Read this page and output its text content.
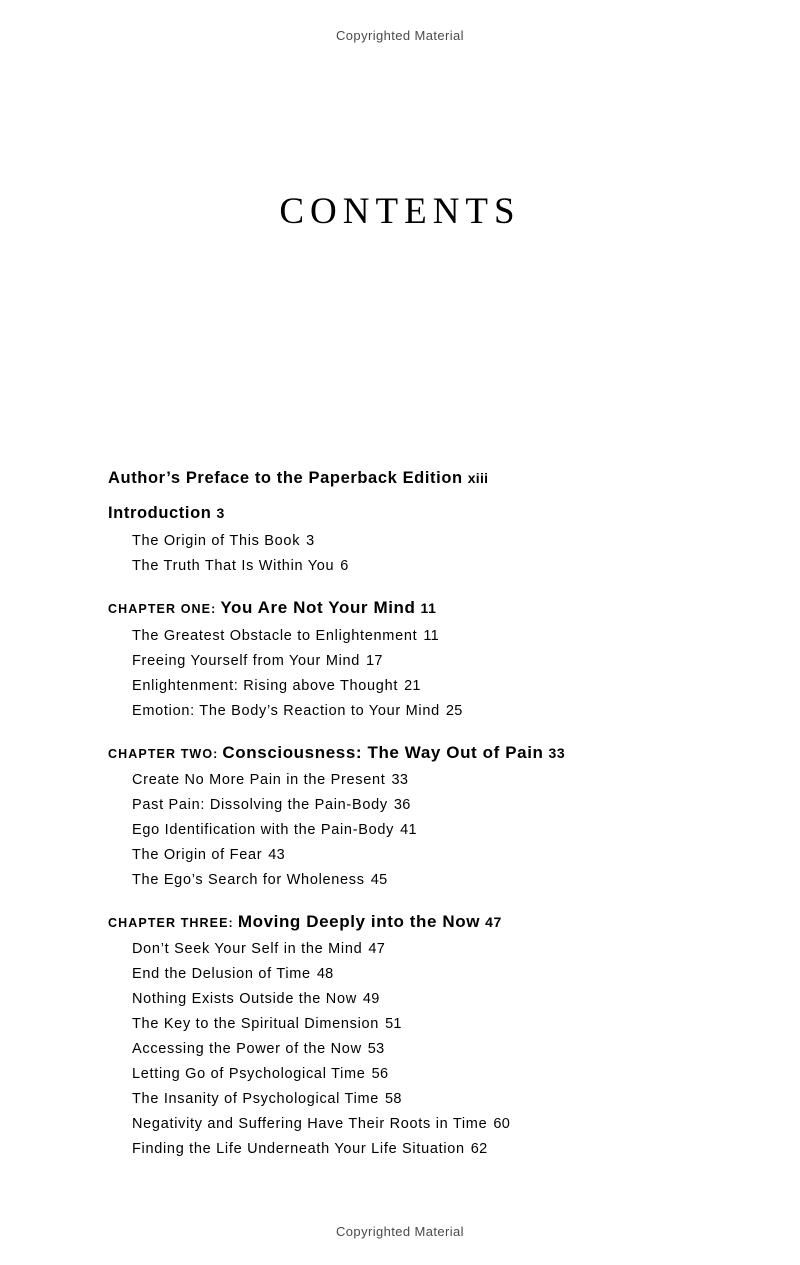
Copyrighted Material
CONTENTS
Author’s Preface to the Paperback Edition xiii
Introduction 3
The Origin of This Book 3
The Truth That Is Within You 6
CHAPTER ONE: You Are Not Your Mind 11
The Greatest Obstacle to Enlightenment 11
Freeing Yourself from Your Mind 17
Enlightenment: Rising above Thought 21
Emotion: The Body’s Reaction to Your Mind 25
CHAPTER TWO: Consciousness: The Way Out of Pain 33
Create No More Pain in the Present 33
Past Pain: Dissolving the Pain-Body 36
Ego Identification with the Pain-Body 41
The Origin of Fear 43
The Ego’s Search for Wholeness 45
CHAPTER THREE: Moving Deeply into the Now 47
Don’t Seek Your Self in the Mind 47
End the Delusion of Time 48
Nothing Exists Outside the Now 49
The Key to the Spiritual Dimension 51
Accessing the Power of the Now 53
Letting Go of Psychological Time 56
The Insanity of Psychological Time 58
Negativity and Suffering Have Their Roots in Time 60
Finding the Life Underneath Your Life Situation 62
Copyrighted Material
